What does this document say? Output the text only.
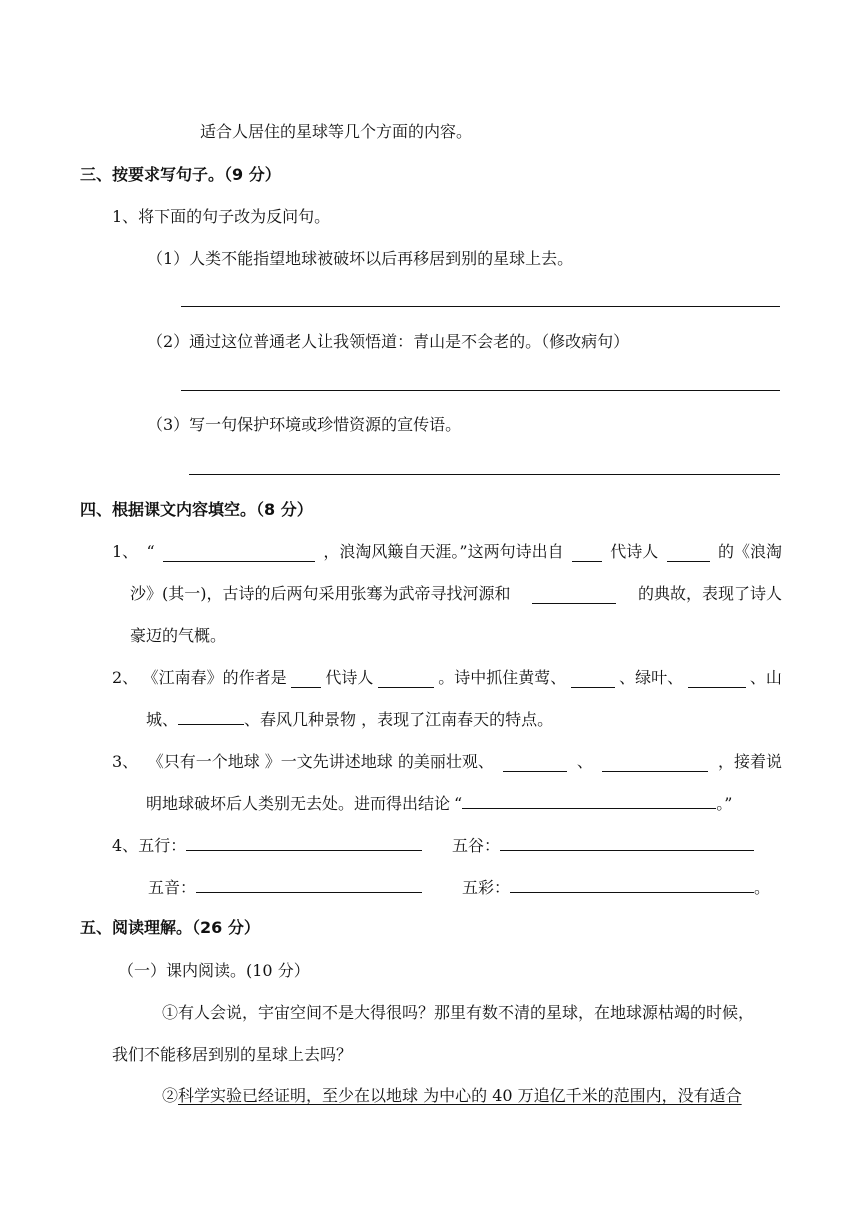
适合人居住的星球等几个方面的内容。
三、按要求写句子。（9 分）
1、将下面的句子改为反问句。
（1）人类不能指望地球被破坏以后再移居到别的星球上去。
（2）通过这位普通老人让我领悟道：青山是不会老的。（修改病句）
（3）写一句保护环境或珍惜资源的宣传语。
四、根据课文内容填空。（8 分）
1、 “	，浪淘风簸自天涯。”这两句诗出自	代诗人	的《浪淘
沙》(其一)，古诗的后两句采用张骞为武帝寻找河源和	的典故，表现了诗人
豪迈的气概。
2、 《江南春》的作者是 代诗人	。诗中抓住黄莺、	、绿叶、	、山
城、	、春风几种景物 ，表现了江南春天的特点。
3、 《只有一个地球 》一文先讲述地球 的美丽壮观、	、	，接着说
明地球破坏后人类别无去处。进而得出结论 “	。”
4、五行：	五谷：
五音：	五彩：	。
五、阅读理解。（26 分）
（一）课内阅读。(10 分）
①有人会说，宇宙空间不是大得很吗？那里有数不清的星球，在地球源枯竭的时候，
我们不能移居到别的星球上去吗？
②科学实验已经证明，至少在以地球 为中心的 40 万追亿千米的范围内，没有适合
